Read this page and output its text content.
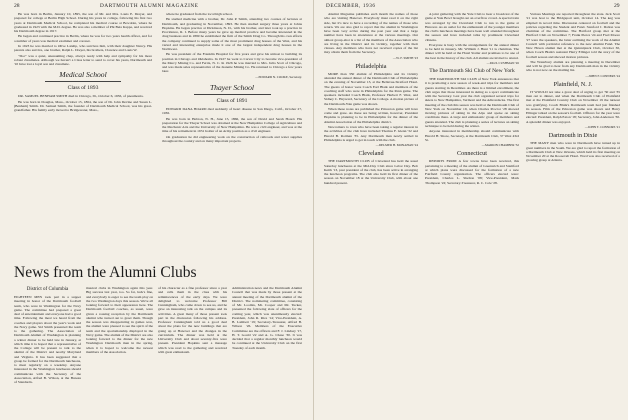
28	DARTMOUTH ALUMNI MAGAZINE

He was born in Berlin, January 10, 1895, the son of Mr. and Mrs. Louis E. Dreyer, and prepared for college at Berlin High School. During his years in college, following his first two years at Dartmouth Medical School, he completed his medical course at Bowdoin, where he graduated in 1923 with the M.D. degree. He was also a member of Phi Beta Kappa, and received his Dartmouth degree in 1917.

He began and continued practice in Berlin, where he was for two years health officer, and for a number of years was medical examiner and coroner.

In 1923 he was married to Olive Latulip, who survives him, with their daughter Nancy. His parents also survive, one brother, Ralph L. Dreyer, his brothers, Clarence and Louis W.

"Doc" was a quiet, unassuming chap, always ready with help and sympathy for his more robust classmates. Although we haven't a Class letter to send to cover his years, Dartmouth and '10 have lost a loyal son and classmate.

Medical School
Class of 1893

DR. SAMUEL BENHAM SMITH died in Chicago, Ill., October 6, 1936, of pneumonia.

He was born in Douglas, Mass., October 15, 1864, the son of Dr. John Devine and Susan L. (Benham) Smith. Dr. Samuel Smith, the founder of Dartmouth Medical School, was his great-grandfather. His family early moved to Bridgewater, Mass.,

where he graduated from the local high school.

He studied medicine with a brother, Dr. John P. Smith, attending two courses of lectures at Dartmouth, and graduating in November, 1893. He then studied surgery three years at Johns Hopkins. He began practice at Dickinson, N. D., with his brother, and later took up a practice in Providence, R. I. Before many years he gave up medical practice and became interested in the drug business and in 1899 he established the firm of the Smith Drug Co. Through his own efforts the company continued to supply some of the most prominent drug houses of the West, and his varied and interesting enterprise made it one of the largest independent drug houses in the Northwest.

He was president of the Franklin Hospital for five years and gave his utmost to building its position in Chicago and Oklahoma. In 1927 he went to Carver City to become vice-president of the Mercy Mining Co. and Ferris, N. C. In 1926 he was married to Mrs. Julia Scott of Chicago, and was made sales representative of the Jeanette Mining Co. He returned to Chicago a few years later.

—EDWARD N. COOKE, Secretary.

Thayer School
Class of 1891

EDWARD DANA HOARD died suddenly of heart disease in San Diego, Calif., October 27, 1936.

He was born in Hebron, N. H., June 15, 1866, the son of David and Sarah Hoard. His preparation for the Thayer School was obtained at the New Hampshire College of Agriculture and the Mechanic Arts and the University of New Hampshire. He was a civil engineer, and was at the time of his retirement in 1931 holder of an Army position as a civil engineer.

On graduation he did engineering work on the construction of railroads and water supplies throughout the country and on many important projects.

News from the Alumni Clubs
District of Columbia
EIGHTEEN MEN took part in a supper meeting in honor of the Dartmouth football team, who were in Washington for the Navy game. The committee had prepared a great deal of entertainment and everyone had a good time. Following the meal we heard from the coaches and players about the year's work and the Navy game. Sid Smith presented the team to the gathering. The Association of Dartmouth Alumni of Washington is planning a winter dinner to be held late in January, at which time it is hoped that a representative of the College will be present to talk to the alumni of the District and nearby Maryland and Virginia. It has been suggested that a group be formed for the Dartmouth luncheons, to meet regularly on a weekday. Anyone interested in the Washington luncheons should communicate with the Secretary of the Association, Alfred B. Wilson, at the Bureau of Standards.
musical clubs in Washington again this year. Big success last year, too. So far, luck's fine, and everybody is eager to see the team play on the two Washington days this season. We're all looking forward to their appearance here. The Dartmouth football coaches, as usual, were given a rousing reception by the Dartmouth alumni who turned out to greet them. Though the season was disappointing in games won, the alumni were pleased to see the spirit of the team and the sportsmanship displayed in the Navy game. The alumni of the District are also looking forward to the dinner for the new Washington Dartmouth men in the spring, when it is hoped to welcome the newest members of the Association.
of his character as a fine professor since a year and calls them in the class with his reminiscences of the early days. We were delighted to welcome Professor Bill Cunningham, who came down to see us, and he gave an interesting talk on the campus and its activities. A great many of those present took part in the discussion following his address. Professor Cunningham told us a good deal about the plans for the new buildings that are going up at Hanover and the changes in the curriculum. The dinner was held at the University Club and about seventy-five were present. President Hopkins sent a message which was read to the gathering and received with great enthusiasm.
Administration news and the Dartmouth Alumni Council that was made by those present at the annual meeting of the Dartmouth alumni of the District. The nominating committee, consisting of Mr. Loomis, Mr. Cooper and Mr. Tucker, presented the following slate of officers for the coming year, which was unanimously elected: President, John R. Rice '14; Vice-President, A. B. Lambert '19; Secretary-Treasurer, Alfred B. Wilson '26. Members of the Executive Committee are the officers and F. J. Lindsay '17, H. T. Gould '22 and A. G. Chase '30. It was decided that a regular monthly luncheon would be continued at the University Club on the first Tuesday of each month.
DECEMBER, 1936	29

Alumni Magazine publishes each month the names of those who are visiting Hanover. Everybody must read it on the right side, but it's nice to have a recording of the names of those who return. We are also glad to report that the alumni in Washington have been very active during the past year and that a large number have been in attendance at the various meetings. Our almost group-shot is a list of the members of the Association who are living in the District and its vicinity, together with their classes. Any members who have not received copies of the list may obtain them from the Secretary.

—W. F. SMITH '23

Philadelphia

MORE than 350 alumni of Philadelphia and its vicinity attended the annual dinner of the Dartmouth Club of Philadelphia on the evening of November 13, at the Bellevue-Stratford Hotel. The guests of honor were Coach Earl Blaik and members of the coaching staff who were in Philadelphia for the Penn game. The speakers included Coach Blaik, Professor Herbert F. West, and Sidney C. Hayward, Secretary of the College. A motion picture of the Dartmouth-Yale game was shown.

When these notes are published the Princeton game will have come and gone. As these are being written, however, President Hopkins is planning to be in Philadelphia for the dinner of the Alumni Association of the Philadelphia district.

Newcomers to town who have been taking a regular interest in the activities of the club have included Thomas F. Glenn '32 and Harold B. Rotman '35. Any Dartmouth man newly settled in Philadelphia is urged to get in touch with the club.

—DELMER H. MONAHAN '24

Cleveland

THE DARTMOUTH CLUB of Cleveland has held the usual Saturday luncheons at the Mid-Day Club since Labor Day. Bob Keith '13, past president of the club, has been active in arranging the luncheon programs. The club also held its first dinner of the season on November 18 at the University Club, with about one hundred present.

A joint gathering with the Yale Club to hear a broadcast of the game at Yale Bowl brought out an overflow crowd. A special train was arranged by the Cleveland Club to run to the game at Hanover. As an outlet for the enthusiasm of the younger members the club's luncheon meetings have been well attended throughout the season and have included talks by prominent Cleveland citizens.

Everyone is busy with the arrangements for the annual dinner to be held in January. Mr. William J. Hunt '11 is chairman. The dinner will be held at the Hotel Statler and promises to be one of the best in the history of the club. All alumni are invited to attend.

—PAUL CUSHMAN '26

The Dartmouth Ski Club of New York

THE DARTMOUTH SKI CLUB of New York announces that it is promoting a new season of week-end trips for members and guests starting in December. As there is a limited enrollment, the club urges that those interested in skiing as a sport communicate with the Secretary. Last year the club organized several trips for skiers to New Hampshire, Vermont and the Adirondacks. The first meeting of the club this season was held at the Dartmouth Club of New York on November 19, when Charles Proctor '28 showed moving pictures of skiing in the Alps and spoke on skiing conditions there. A large and enthusiastic group of members and guests attended. The club is planning a series of lectures on skiing technique to be held during the winter.

Anyone interested in membership should communicate with Harold H. Shore, Secretary, at the Dartmouth Club, 37 West 43rd St.

—MARION CHAMBER '32

Connecticut

REPORTS FROM A few towns have been received, this pertaining to a meeting of the alumni of Greenwich and Stamford at which plans were discussed for the formation of a new Fairfield County organization. The officers elected were: President, Charles L. Shelton '08; Vice-President, Mark Thompson '22; Secretary-Treasurer, R. C. Cole '28.

Various Meetings are reported throughout the state. Jack Scott '21 was host to the Bridgeport unit, October 14. The keg was emptied in record time. Discussion centered on football and the policies regarding the Student Aid Fund. Stanford J. Dalton was chairman of the committee. The Hartford group met at the Hartford Club on November 7; Frank Pierce '24 and Fred Moore '27 were the speakers, the latter outlining the work of the Alumni Council with particular reference to the new Alumni Fund. The New Haven alumni met at the Quinnipiack Club, October 30, when Coach Blaik's assistant Harry Ellinger told the story of the football season and showed motion pictures.

The Waterbury alumni are planning a meeting in December and will be glad to hear from any Dartmouth man in the vicinity who is not now on the mailing list.

—JOHN F. CONNERS '24

Plainfield, N. J.

IT WOULD not take a great deal of urging to get '30 and '35 men out to dinner, and when the Dartmouth Club of Plainfield met at the Plainfield Country Club on November 19 the turnout was gratifying. Coach Blaik's Dartmouth team had just finished its season. Film of the Princeton game was shown and Harry Ellinger talked on the season's football. Officers for the year were elected: President, Ralph Eaton '18; Secretary, John Anderson '30. A splendid dinner was enjoyed.

—JOHN T. CONNORS '21

Dartmouth in Dixie

THE MANY men who were in Dartmouth have turned up in great numbers in the South. We are glad to report the formation of a Dartmouth Club at New Orleans, which held its first meeting on November 20 at the Roosevelt Hotel. Word was also received of a growing group at Atlanta.
